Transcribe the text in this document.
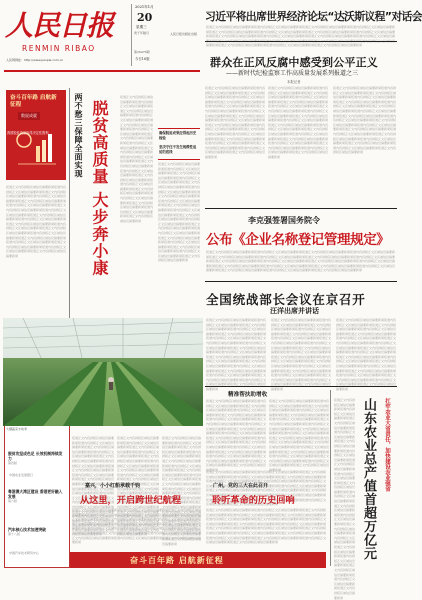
人民日报
RENMIN RIBAO
人民网网址：http://www.people.com.cn
2021年1月
20
星期三
庚子年腊月
第26476期
今日16版
人民日报出版社出版
习近平将出席世界经济论坛“达沃斯议程”对话会
报道正文内容排版区域信息摘要新闻报道内容排版正文区域信息摘要新闻报道正文内容排版区域信息摘要新闻报道内容排版正文区域信息摘要新闻报道正文内容排版区域信息摘要新闻报道内容排版正文区域信息摘要新闻报道正文内容排版区域信息摘要新闻报道内容排版正文区域信息摘要新闻报道正文内容排版区域信息摘要新闻报道内容排版正文区域信息摘要新闻报道正文内容排版区域信息摘要新闻报道内容排版正文区域信息摘要新闻报道正文内容排版区域信息摘要新闻报道内容排版正文区域信息摘要新闻报道正文内容排版区域信息摘要新闻报道内容排版正文区域信息摘要新闻报道正文内容排版区域信息摘要新闻报道内容排版正文区域信息摘要新闻报道正文内容排版区域信息摘要新闻
群众在正风反腐中感受到公平正义
——新时代纪检监察工作高质量发展系列报道之三
本报记者
奋斗百年路 启航新征程
数说成就
我国脱贫攻坚取得决定性胜利
报道正文内容排版区域信息摘要新闻报道内容排版正文区域信息摘要新闻报道正文内容排版区域信息摘要新闻报道内容排版正文区域信息摘要新闻报道正文内容排版区域信息摘要新闻报道内容排版正文区域信息摘要新闻报道正文内容排版区域信息摘要新闻报道内容排版正文区域信息摘要新闻报道正文内容排版区域信息摘要新闻报道内容排版正文区域信息摘要新闻报道正文内容排版区域信息摘要新闻报道内容排版正文区域信息摘要新闻报道正文内容排版区域信息摘要新闻报道内容排版正文区域信息摘要新闻报道正文内容排版区域信息摘要新闻报道内容排版正文区域信息摘要新闻报道正文内容排版区域信息摘要新闻报道内容排版正文区域信息摘要新闻报道正文内容排版区域信息摘要新闻
脱贫攻坚成色足 长效机制持续发力
第四版
粤港澳大湾区建设 香港更好融入发展
第六版
汽车核心技术加速突破
第十八版
中国农业发展银行
中国汽车技术研究中心
两不愁三保障全面实现 脱贫高质量 大步奔小康
报道正文内容排版区域信息摘要新闻报道内容排版正文区域信息摘要新闻报道正文内容排版区域信息摘要新闻报道内容排版正文区域信息摘要新闻报道正文内容排版区域信息摘要新闻报道内容排版正文区域信息摘要新闻报道正文内容排版区域信息摘要新闻报道内容排版正文区域信息摘要新闻报道正文内容排版区域信息摘要新闻报道内容排版正文区域信息摘要新闻报道正文内容排版区域信息摘要新闻报道内容排版正文区域信息摘要新闻报道正文内容排版区域信息摘要新闻报道内容排版正文区域信息摘要新闻报道正文内容排版区域信息摘要新闻报道内容排版正文区域信息摘要新闻报道正文内容排版区域信息摘要新闻报道内容排版正文区域信息摘要新闻报道正文内容排版区域信息摘要新闻	确保脱贫成果经得起历史检验
坚决守住不发生规模性返贫的底线
报道正文内容排版区域信息摘要新闻报道内容排版正文区域信息摘要新闻报道正文内容排版区域信息摘要新闻报道内容排版正文区域信息摘要新闻报道正文内容排版区域信息摘要新闻报道内容排版正文区域信息摘要新闻报道正文内容排版区域信息摘要新闻报道内容排版正文区域信息摘要新闻报道正文内容排版区域信息摘要新闻报道内容排版正文区域信息摘要新闻报道正文内容排版区域信息摘要新闻报道内容排版正文区域信息摘要新闻报道正文内容排版区域信息摘要新闻报道内容排版正文区域信息摘要新闻报道正文内容排版区域信息摘要新闻报道内容排版正文区域信息摘要新闻报道正文内容排版区域信息摘要新闻报道内容排版正文区域信息摘要新闻报道正文内容排版区域信息摘要新闻
报道正文内容排版区域信息摘要新闻报道内容排版正文区域信息摘要新闻报道正文内容排版区域信息摘要新闻报道内容排版正文区域信息摘要新闻报道正文内容排版区域信息摘要新闻报道内容排版正文区域信息摘要新闻报道正文内容排版区域信息摘要新闻报道内容排版正文区域信息摘要新闻报道正文内容排版区域信息摘要新闻报道内容排版正文区域信息摘要新闻报道正文内容排版区域信息摘要新闻报道内容排版正文区域信息摘要新闻报道正文内容排版区域信息摘要新闻报道内容排版正文区域信息摘要新闻报道正文内容排版区域信息摘要新闻报道内容排版正文区域信息摘要新闻报道正文内容排版区域信息摘要新闻报道内容排版正文区域信息摘要新闻报道正文内容排版区域信息摘要新闻
报道正文内容排版区域信息摘要新闻报道内容排版正文区域信息摘要新闻报道正文内容排版区域信息摘要新闻报道内容排版正文区域信息摘要新闻报道正文内容排版区域信息摘要新闻报道内容排版正文区域信息摘要新闻报道正文内容排版区域信息摘要新闻报道内容排版正文区域信息摘要新闻报道正文内容排版区域信息摘要新闻报道内容排版正文区域信息摘要新闻报道正文内容排版区域信息摘要新闻报道内容排版正文区域信息摘要新闻报道正文内容排版区域信息摘要新闻报道内容排版正文区域信息摘要新闻报道正文内容排版区域信息摘要新闻报道内容排版正文区域信息摘要新闻报道正文内容排版区域信息摘要新闻报道内容排版正文区域信息摘要新闻报道正文内容排版区域信息摘要新闻
报道正文内容排版区域信息摘要新闻报道内容排版正文区域信息摘要新闻报道正文内容排版区域信息摘要新闻报道内容排版正文区域信息摘要新闻报道正文内容排版区域信息摘要新闻报道内容排版正文区域信息摘要新闻报道正文内容排版区域信息摘要新闻报道内容排版正文区域信息摘要新闻报道正文内容排版区域信息摘要新闻报道内容排版正文区域信息摘要新闻报道正文内容排版区域信息摘要新闻报道内容排版正文区域信息摘要新闻报道正文内容排版区域信息摘要新闻报道内容排版正文区域信息摘要新闻报道正文内容排版区域信息摘要新闻报道内容排版正文区域信息摘要新闻报道正文内容排版区域信息摘要新闻报道内容排版正文区域信息摘要新闻报道正文内容排版区域信息摘要新闻
李克强签署国务院令
公布《企业名称登记管理规定》
报道正文内容排版区域信息摘要新闻报道内容排版正文区域信息摘要新闻报道正文内容排版区域信息摘要新闻报道内容排版正文区域信息摘要新闻报道正文内容排版区域信息摘要新闻报道内容排版正文区域信息摘要新闻报道正文内容排版区域信息摘要新闻报道内容排版正文区域信息摘要新闻报道正文内容排版区域信息摘要新闻报道内容排版正文区域信息摘要新闻报道正文内容排版区域信息摘要新闻报道内容排版正文区域信息摘要新闻报道正文内容排版区域信息摘要新闻报道内容排版正文区域信息摘要新闻报道正文内容排版区域信息摘要新闻报道内容排版正文区域信息摘要新闻报道正文内容排版区域信息摘要新闻报道内容排版正文区域信息摘要新闻报道正文内容排版区域信息摘要新闻
全国统战部长会议在京召开
汪洋出席并讲话
大棚蔬菜丰收季
报道正文内容排版区域信息摘要新闻报道内容排版正文区域信息摘要新闻报道正文内容排版区域信息摘要新闻报道内容排版正文区域信息摘要新闻报道正文内容排版区域信息摘要新闻报道内容排版正文区域信息摘要新闻报道正文内容排版区域信息摘要新闻报道内容排版正文区域信息摘要新闻报道正文内容排版区域信息摘要新闻报道内容排版正文区域信息摘要新闻报道正文内容排版区域信息摘要新闻报道内容排版正文区域信息摘要新闻报道正文内容排版区域信息摘要新闻报道内容排版正文区域信息摘要新闻报道正文内容排版区域信息摘要新闻报道内容排版正文区域信息摘要新闻报道正文内容排版区域信息摘要新闻报道内容排版正文区域信息摘要新闻报道正文内容排版区域信息摘要新闻
报道正文内容排版区域信息摘要新闻报道内容排版正文区域信息摘要新闻报道正文内容排版区域信息摘要新闻报道内容排版正文区域信息摘要新闻报道正文内容排版区域信息摘要新闻报道内容排版正文区域信息摘要新闻报道正文内容排版区域信息摘要新闻报道内容排版正文区域信息摘要新闻报道正文内容排版区域信息摘要新闻报道内容排版正文区域信息摘要新闻报道正文内容排版区域信息摘要新闻报道内容排版正文区域信息摘要新闻报道正文内容排版区域信息摘要新闻报道内容排版正文区域信息摘要新闻报道正文内容排版区域信息摘要新闻报道内容排版正文区域信息摘要新闻报道正文内容排版区域信息摘要新闻报道内容排版正文区域信息摘要新闻报道正文内容排版区域信息摘要新闻
报道正文内容排版区域信息摘要新闻报道内容排版正文区域信息摘要新闻报道正文内容排版区域信息摘要新闻报道内容排版正文区域信息摘要新闻报道正文内容排版区域信息摘要新闻报道内容排版正文区域信息摘要新闻报道正文内容排版区域信息摘要新闻报道内容排版正文区域信息摘要新闻报道正文内容排版区域信息摘要新闻报道内容排版正文区域信息摘要新闻报道正文内容排版区域信息摘要新闻报道内容排版正文区域信息摘要新闻报道正文内容排版区域信息摘要新闻报道内容排版正文区域信息摘要新闻报道正文内容排版区域信息摘要新闻报道内容排版正文区域信息摘要新闻报道正文内容排版区域信息摘要新闻报道内容排版正文区域信息摘要新闻报道正文内容排版区域信息摘要新闻
精准帮扶助增收
报道正文内容排版区域信息摘要新闻报道内容排版正文区域信息摘要新闻报道正文内容排版区域信息摘要新闻报道内容排版正文区域信息摘要新闻报道正文内容排版区域信息摘要新闻报道内容排版正文区域信息摘要新闻报道正文内容排版区域信息摘要新闻报道内容排版正文区域信息摘要新闻报道正文内容排版区域信息摘要新闻报道内容排版正文区域信息摘要新闻报道正文内容排版区域信息摘要新闻报道内容排版正文区域信息摘要新闻报道正文内容排版区域信息摘要新闻报道内容排版正文区域信息摘要新闻报道正文内容排版区域信息摘要新闻报道内容排版正文区域信息摘要新闻报道正文内容排版区域信息摘要新闻报道内容排版正文区域信息摘要新闻报道正文内容排版区域信息摘要新闻
报道正文内容排版区域信息摘要新闻报道内容排版正文区域信息摘要新闻报道正文内容排版区域信息摘要新闻报道内容排版正文区域信息摘要新闻报道正文内容排版区域信息摘要新闻报道内容排版正文区域信息摘要新闻报道正文内容排版区域信息摘要新闻报道内容排版正文区域信息摘要新闻报道正文内容排版区域信息摘要新闻报道内容排版正文区域信息摘要新闻报道正文内容排版区域信息摘要新闻报道内容排版正文区域信息摘要新闻报道正文内容排版区域信息摘要新闻报道内容排版正文区域信息摘要新闻报道正文内容排版区域信息摘要新闻报道内容排版正文区域信息摘要新闻报道正文内容排版区域信息摘要新闻报道内容排版正文区域信息摘要新闻报道正文内容排版区域信息摘要新闻
报道正文内容排版区域信息摘要新闻报道内容排版正文区域信息摘要新闻报道正文内容排版区域信息摘要新闻报道内容排版正文区域信息摘要新闻报道正文内容排版区域信息摘要新闻报道内容排版正文区域信息摘要新闻报道正文内容排版区域信息摘要新闻报道内容排版正文区域信息摘要新闻报道正文内容排版区域信息摘要新闻报道内容排版正文区域信息摘要新闻报道正文内容排版区域信息摘要新闻报道内容排版正文区域信息摘要新闻报道正文内容排版区域信息摘要新闻报道内容排版正文区域信息摘要新闻报道正文内容排版区域信息摘要新闻报道内容排版正文区域信息摘要新闻报道正文内容排版区域信息摘要新闻报道内容排版正文区域信息摘要新闻报道正文内容排版区域信息摘要新闻
报道正文内容排版区域信息摘要新闻报道内容排版正文区域信息摘要新闻报道正文内容排版区域信息摘要新闻报道内容排版正文区域信息摘要新闻报道正文内容排版区域信息摘要新闻报道内容排版正文区域信息摘要新闻报道正文内容排版区域信息摘要新闻报道内容排版正文区域信息摘要新闻报道正文内容排版区域信息摘要新闻报道内容排版正文区域信息摘要新闻报道正文内容排版区域信息摘要新闻报道内容排版正文区域信息摘要新闻报道正文内容排版区域信息摘要新闻报道内容排版正文区域信息摘要新闻报道正文内容排版区域信息摘要新闻报道内容排版正文区域信息摘要新闻报道正文内容排版区域信息摘要新闻报道内容排版正文区域信息摘要新闻报道正文内容排版区域信息摘要新闻
报道正文内容排版区域信息摘要新闻报道内容排版正文区域信息摘要新闻报道正文内容排版区域信息摘要新闻报道内容排版正文区域信息摘要新闻报道正文内容排版区域信息摘要新闻报道内容排版正文区域信息摘要新闻报道正文内容排版区域信息摘要新闻报道内容排版正文区域信息摘要新闻报道正文内容排版区域信息摘要新闻报道内容排版正文区域信息摘要新闻报道正文内容排版区域信息摘要新闻报道内容排版正文区域信息摘要新闻报道正文内容排版区域信息摘要新闻报道内容排版正文区域信息摘要新闻报道正文内容排版区域信息摘要新闻报道内容排版正文区域信息摘要新闻报道正文内容排版区域信息摘要新闻报道内容排版正文区域信息摘要新闻报道正文内容排版区域信息摘要新闻
报道正文内容排版区域信息摘要新闻报道内容排版正文区域信息摘要新闻报道正文内容排版区域信息摘要新闻报道内容排版正文区域信息摘要新闻报道正文内容排版区域信息摘要新闻报道内容排版正文区域信息摘要新闻报道正文内容排版区域信息摘要新闻报道内容排版正文区域信息摘要新闻报道正文内容排版区域信息摘要新闻报道内容排版正文区域信息摘要新闻报道正文内容排版区域信息摘要新闻报道内容排版正文区域信息摘要新闻报道正文内容排版区域信息摘要新闻报道内容排版正文区域信息摘要新闻报道正文内容排版区域信息摘要新闻报道内容排版正文区域信息摘要新闻报道正文内容排版区域信息摘要新闻报道内容排版正文区域信息摘要新闻报道正文内容排版区域信息摘要新闻
嘉兴，小小红船承载千钧
从这里，开启跨世纪航程
报道正文内容排版区域信息摘要新闻报道内容排版正文区域信息摘要新闻报道正文内容排版区域信息摘要新闻报道内容排版正文区域信息摘要新闻报道正文内容排版区域信息摘要新闻报道内容排版正文区域信息摘要新闻报道正文内容排版区域信息摘要新闻报道内容排版正文区域信息摘要新闻报道正文内容排版区域信息摘要新闻报道内容排版正文区域信息摘要新闻报道正文内容排版区域信息摘要新闻报道内容排版正文区域信息摘要新闻报道正文内容排版区域信息摘要新闻报道内容排版正文区域信息摘要新闻报道正文内容排版区域信息摘要新闻报道内容排版正文区域信息摘要新闻报道正文内容排版区域信息摘要新闻报道内容排版正文区域信息摘要新闻报道正文内容排版区域信息摘要新闻
广州，党的三大在此召开
聆听革命的历史回响
报道正文内容排版区域信息摘要新闻报道内容排版正文区域信息摘要新闻报道正文内容排版区域信息摘要新闻报道内容排版正文区域信息摘要新闻报道正文内容排版区域信息摘要新闻报道内容排版正文区域信息摘要新闻报道正文内容排版区域信息摘要新闻报道内容排版正文区域信息摘要新闻报道正文内容排版区域信息摘要新闻报道内容排版正文区域信息摘要新闻报道正文内容排版区域信息摘要新闻报道内容排版正文区域信息摘要新闻报道正文内容排版区域信息摘要新闻报道内容排版正文区域信息摘要新闻报道正文内容排版区域信息摘要新闻报道内容排版正文区域信息摘要新闻报道正文内容排版区域信息摘要新闻报道内容排版正文区域信息摘要新闻报道正文内容排版区域信息摘要新闻
奋斗百年路 启航新征程
扛牢农业大省责任，加快建设农业强省
山东农业总产值首超万亿元
报道正文内容排版区域信息摘要新闻报道内容排版正文区域信息摘要新闻报道正文内容排版区域信息摘要新闻报道内容排版正文区域信息摘要新闻报道正文内容排版区域信息摘要新闻报道内容排版正文区域信息摘要新闻报道正文内容排版区域信息摘要新闻报道内容排版正文区域信息摘要新闻报道正文内容排版区域信息摘要新闻报道内容排版正文区域信息摘要新闻报道正文内容排版区域信息摘要新闻报道内容排版正文区域信息摘要新闻报道正文内容排版区域信息摘要新闻报道内容排版正文区域信息摘要新闻报道正文内容排版区域信息摘要新闻报道内容排版正文区域信息摘要新闻报道正文内容排版区域信息摘要新闻报道内容排版正文区域信息摘要新闻报道正文内容排版区域信息摘要新闻
